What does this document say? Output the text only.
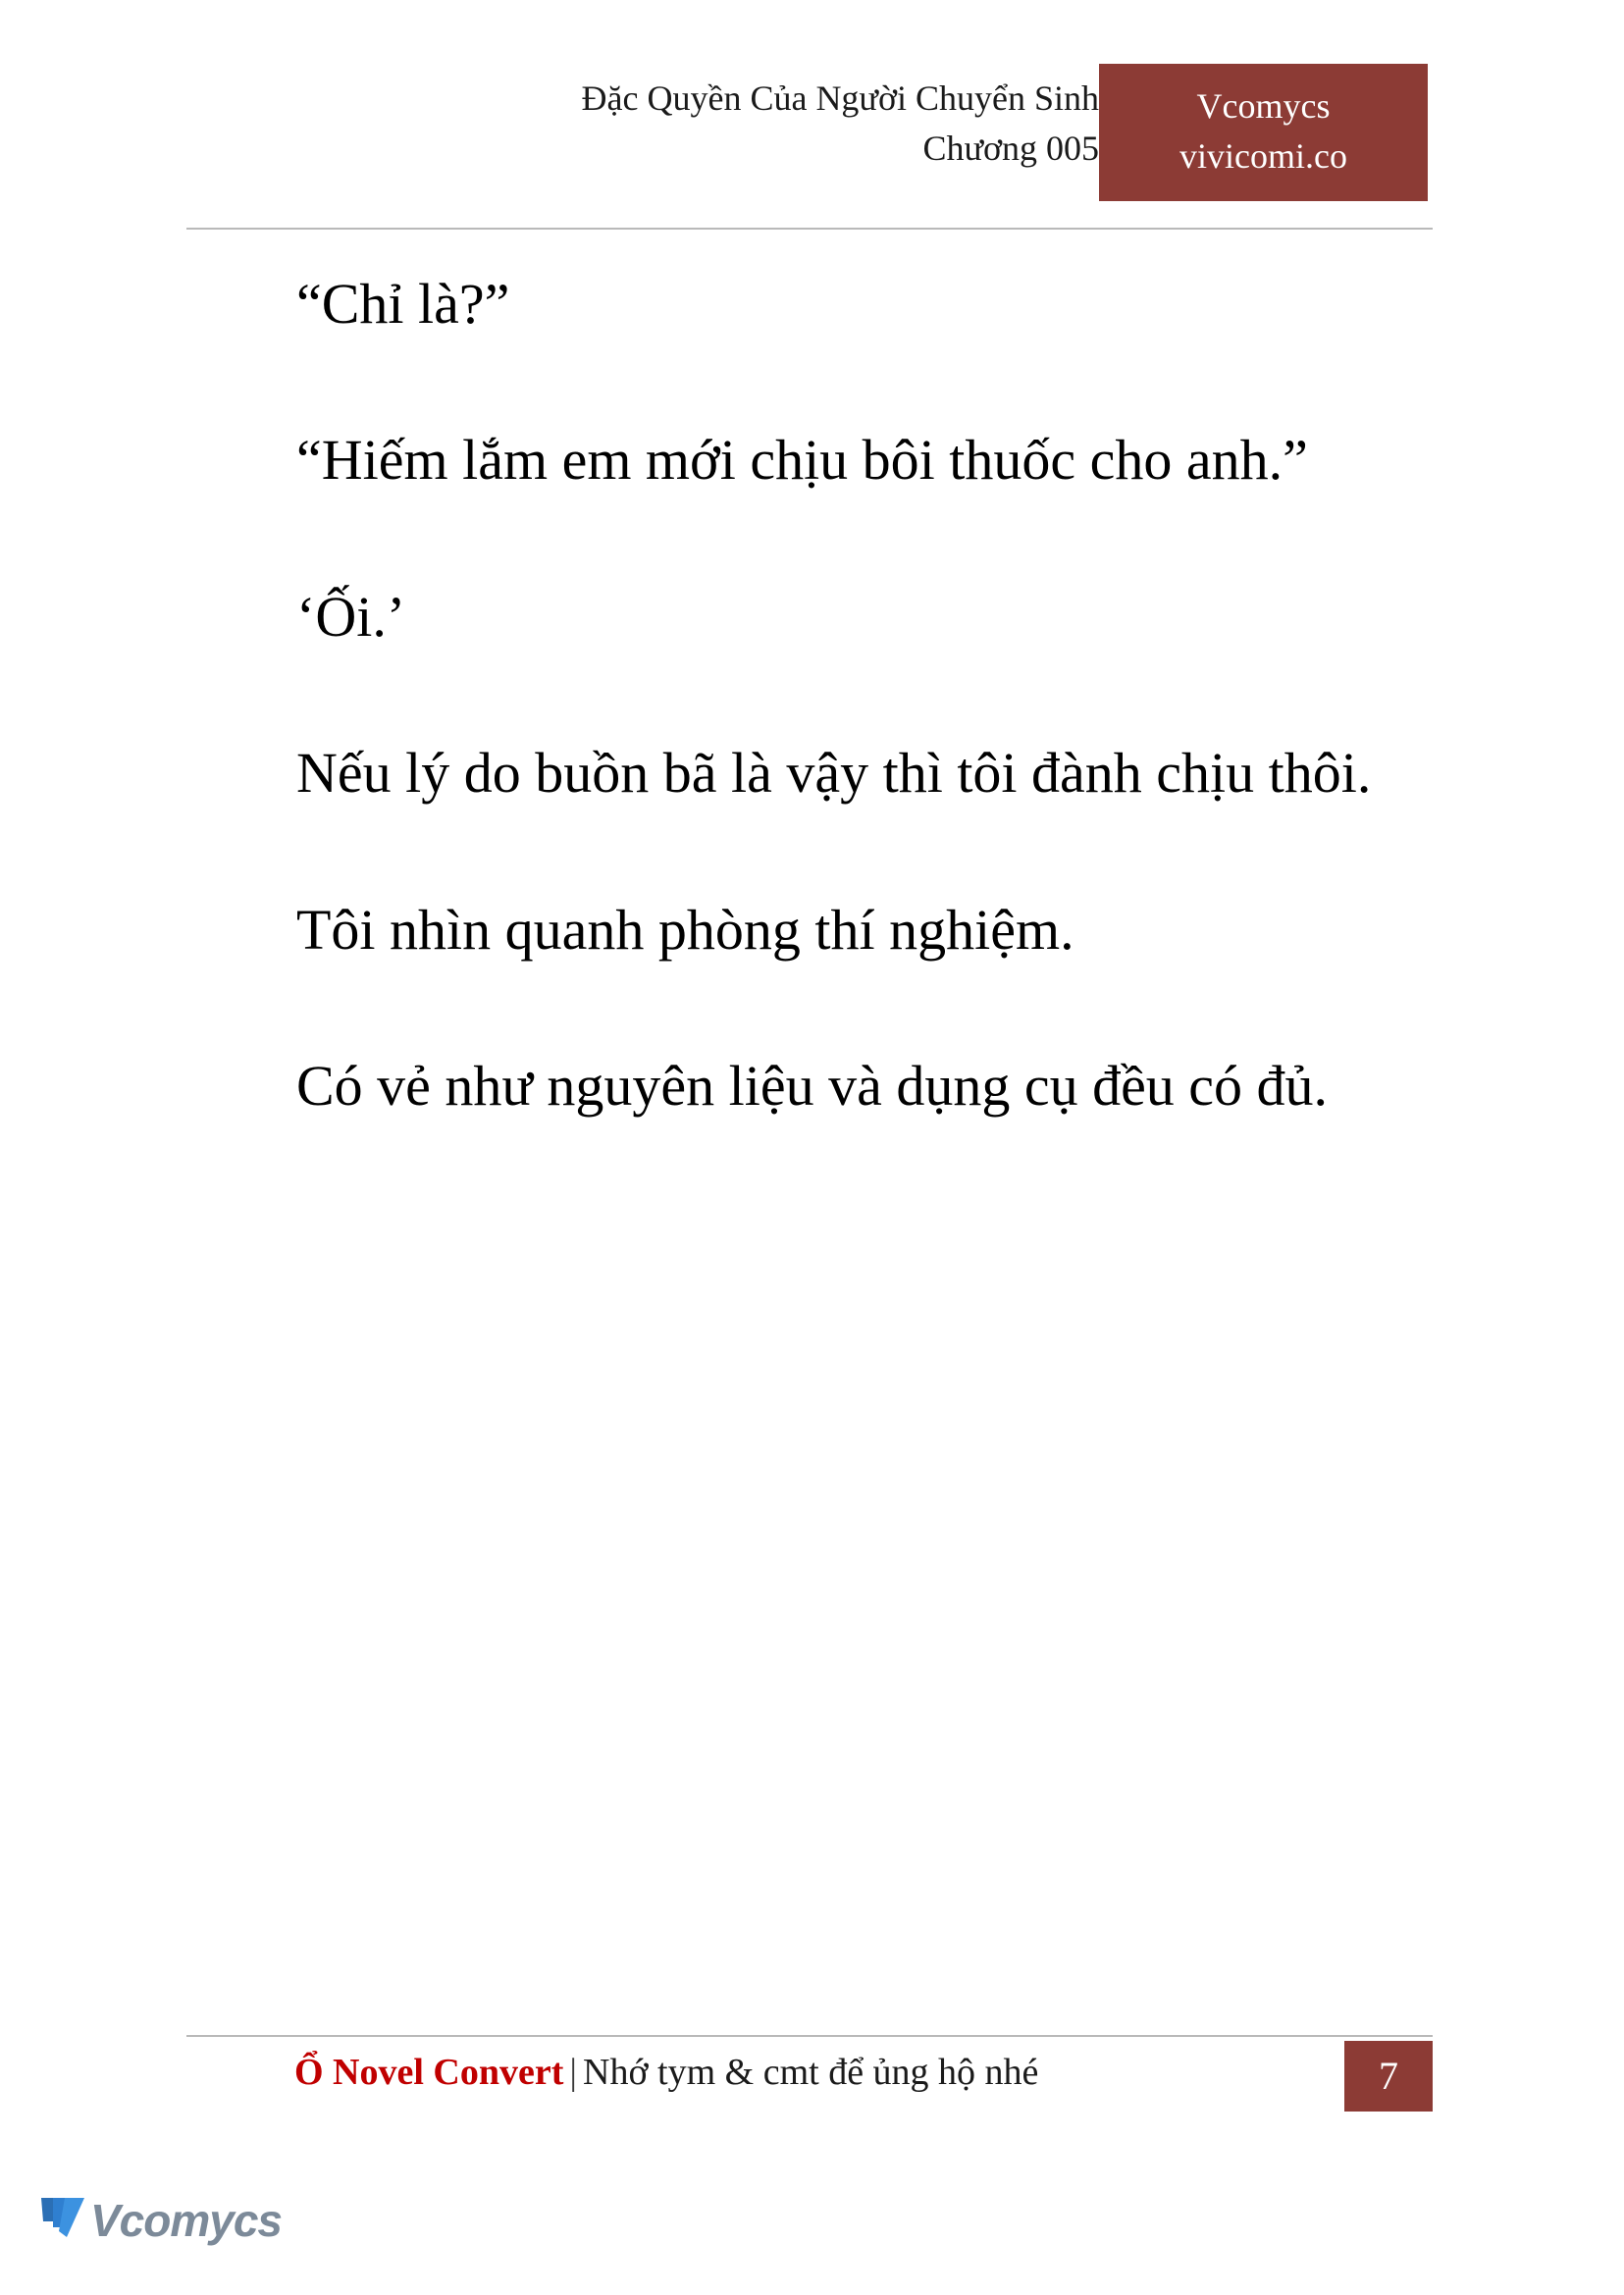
Đặc Quyền Của Người Chuyển Sinh
Chương 005
Vcomycs
vivicomi.co

“Chỉ là?”

“Hiếm lắm em mới chịu bôi thuốc cho anh.”

‘Ối.’

Nếu lý do buồn bã là vậy thì tôi đành chịu thôi.

Tôi nhìn quanh phòng thí nghiệm.

Có vẻ như nguyên liệu và dụng cụ đều có đủ.

Ổ Novel Convert | Nhớ tym & cmt để ủng hộ nhé	7
Vcomycs
